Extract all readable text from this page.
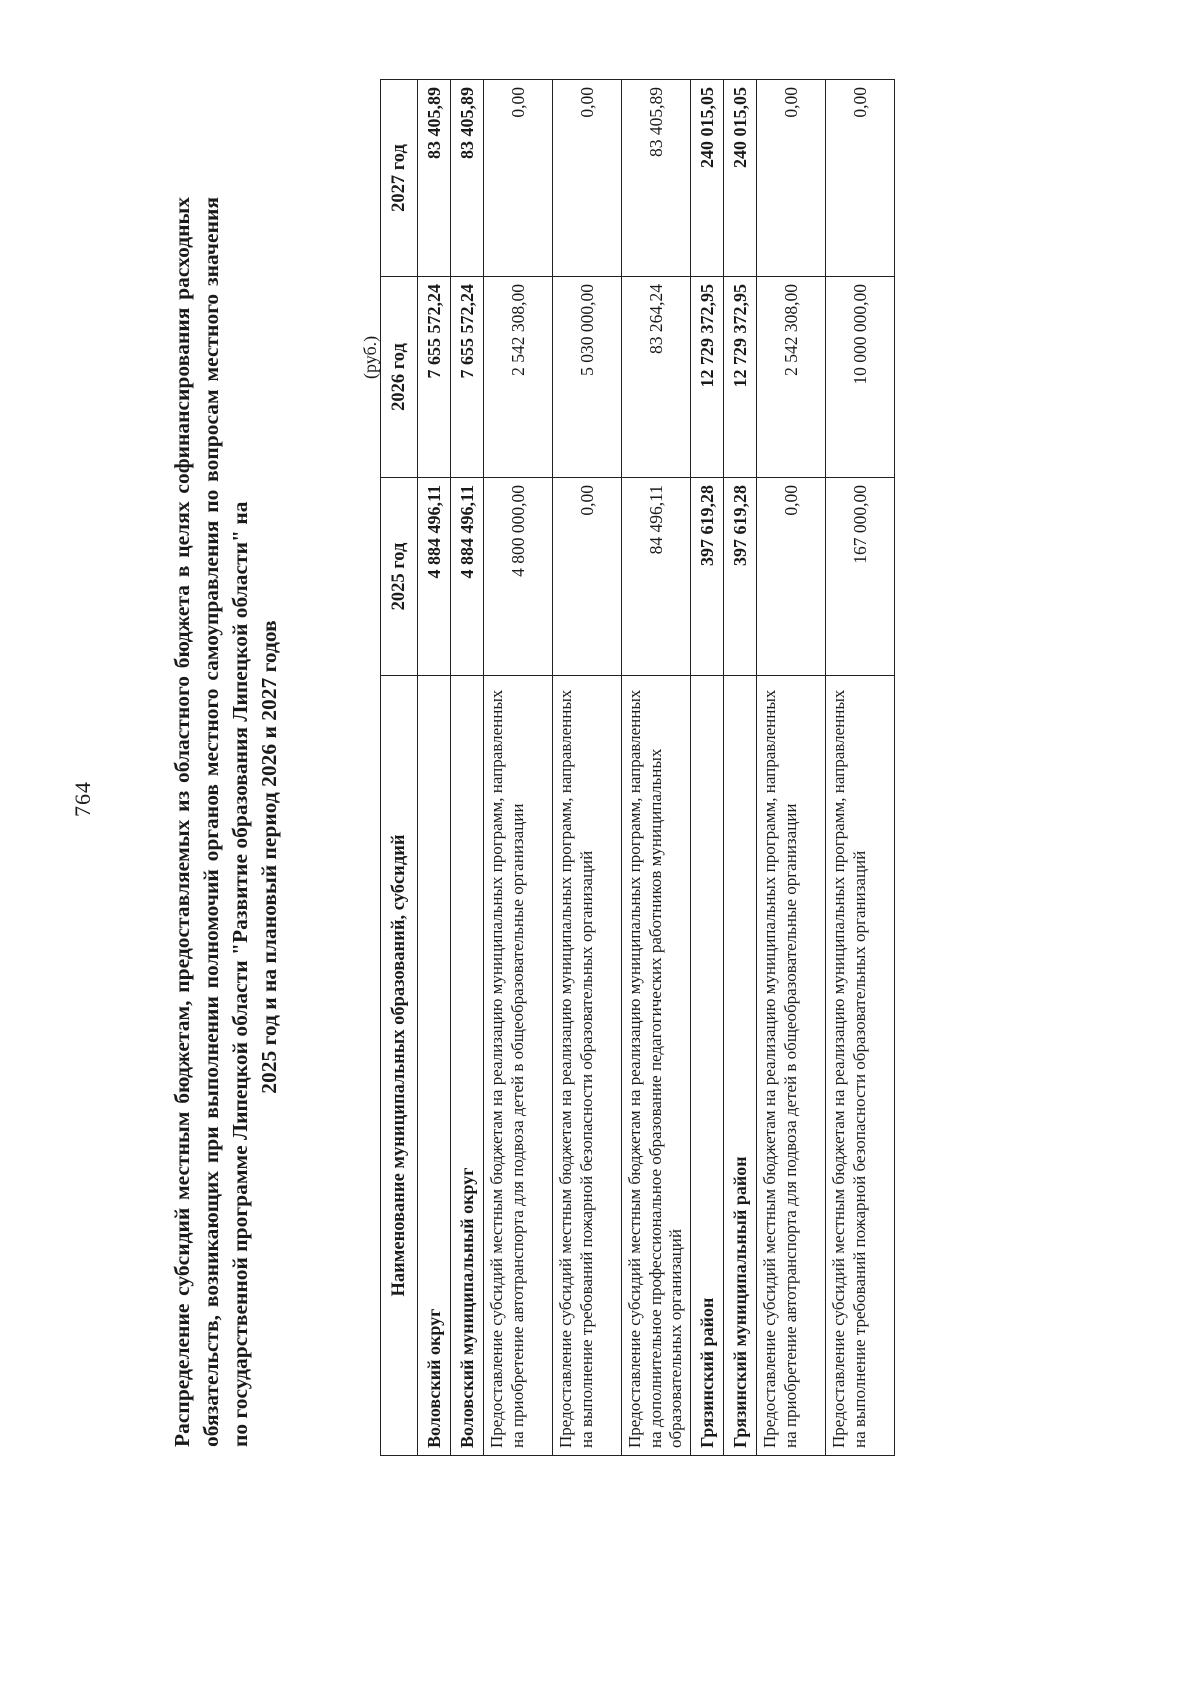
764	Распределение субсидий местным бюджетам, предоставляемых из областного бюджета в целях софинансирования расходных обязательств, возникающих при выполнении полномочий органов местного самоуправления по вопросам местного значения по государственной программе Липецкой области "Развитие образования Липецкой области" на 2025 год и на плановый период 2026 и 2027 годов
(руб.)
Наименование муниципальных образований, субсидий	2025 год	2026 год	2027 год
Воловский округ	4 884 496,11	7 655 572,24	83 405,89
Воловский муниципальный округ	4 884 496,11	7 655 572,24	83 405,89
Предоставление субсидий местным бюджетам на реализацию муниципальных программ, направленных на приобретение автотранспорта для подвоза детей в общеобразовательные организации	4 800 000,00	2 542 308,00	0,00
Предоставление субсидий местным бюджетам на реализацию муниципальных программ, направленных на выполнение требований пожарной безопасности образовательных организаций	0,00	5 030 000,00	0,00
Предоставление субсидий местным бюджетам на реализацию муниципальных программ, направленных на дополнительное профессиональное образование педагогических работников муниципальных образовательных организаций	84 496,11	83 264,24	83 405,89
Грязинский район	397 619,28	12 729 372,95	240 015,05
Грязинский муниципальный район	397 619,28	12 729 372,95	240 015,05
Предоставление субсидий местным бюджетам на реализацию муниципальных программ, направленных на приобретение автотранспорта для подвоза детей в общеобразовательные организации	0,00	2 542 308,00	0,00
Предоставление субсидий местным бюджетам на реализацию муниципальных программ, направленных на выполнение требований пожарной безопасности образовательных организаций	167 000,00	10 000 000,00	0,00
